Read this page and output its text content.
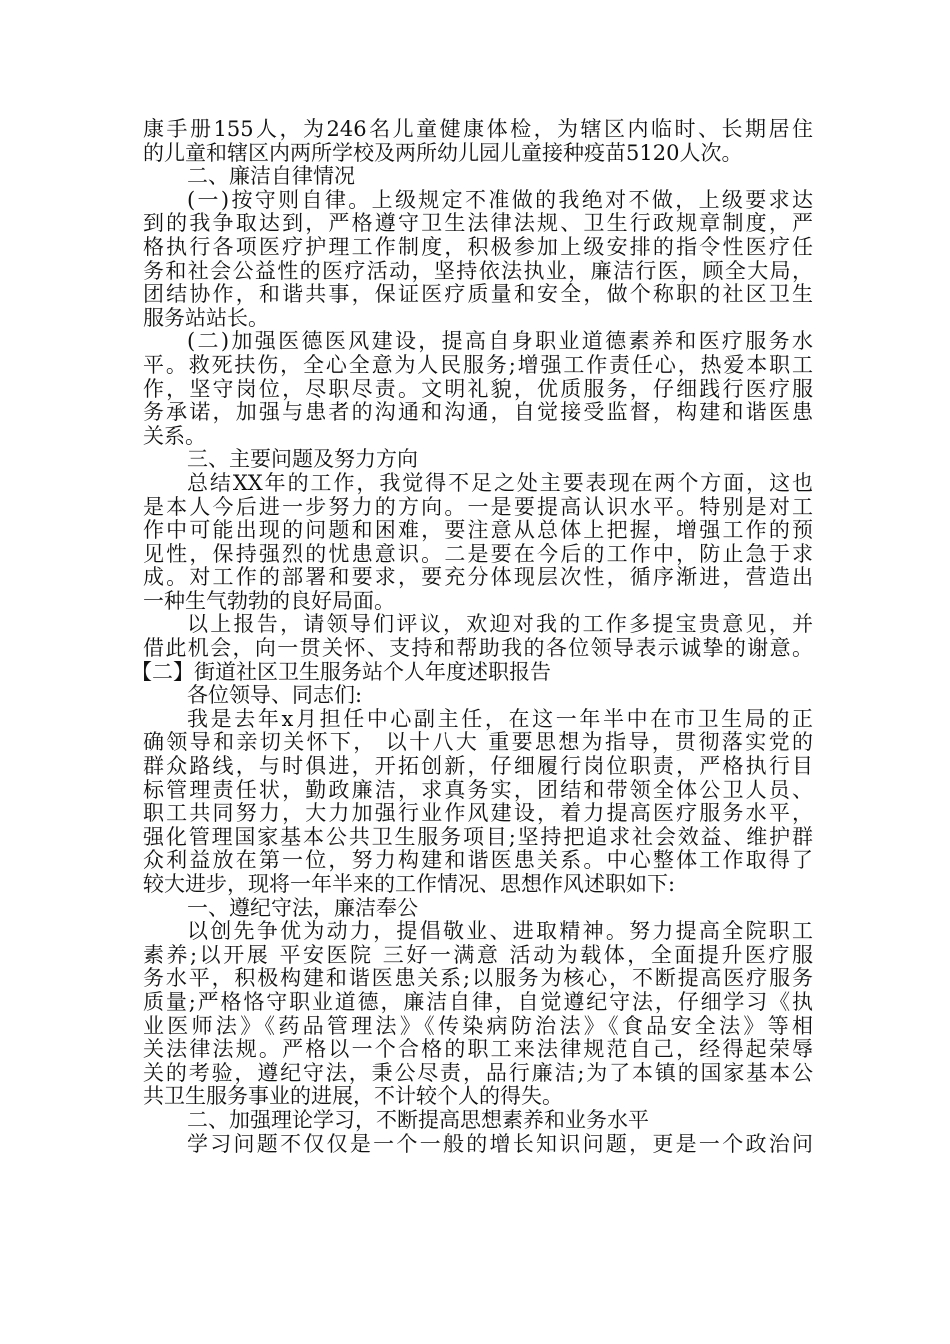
康手册155人，为246名儿童健康体检，为辖区内临时、长期居住
的儿童和辖区内两所学校及两所幼儿园儿童接种疫苗5120人次。
二、廉洁自律情况
(一)按守则自律。上级规定不准做的我绝对不做，上级要求达
到的我争取达到，严格遵守卫生法律法规、卫生行政规章制度，严
格执行各项医疗护理工作制度，积极参加上级安排的指令性医疗任
务和社会公益性的医疗活动，坚持依法执业，廉洁行医，顾全大局，
团结协作，和谐共事，保证医疗质量和安全，做个称职的社区卫生
服务站站长。
(二)加强医德医风建设，提高自身职业道德素养和医疗服务水
平。救死扶伤，全心全意为人民服务;增强工作责任心，热爱本职工
作，坚守岗位，尽职尽责。文明礼貌，优质服务，仔细践行医疗服
务承诺，加强与患者的沟通和沟通，自觉接受监督，构建和谐医患
关系。
三、主要问题及努力方向
总结XX年的工作，我觉得不足之处主要表现在两个方面，这也
是本人今后进一步努力的方向。一是要提高认识水平。特别是对工
作中可能出现的问题和困难，要注意从总体上把握，增强工作的预
见性，保持强烈的忧患意识。二是要在今后的工作中，防止急于求
成。对工作的部署和要求，要充分体现层次性，循序渐进，营造出
一种生气勃勃的良好局面。
以上报告，请领导们评议，欢迎对我的工作多提宝贵意见，并
借此机会，向一贯关怀、支持和帮助我的各位领导表示诚挚的谢意。
【二】街道社区卫生服务站个人年度述职报告
各位领导、同志们:
我是去年x月担任中心副主任，在这一年半中在市卫生局的正
确领导和亲切关怀下， 以十八大 重要思想为指导，贯彻落实党的
群众路线，与时俱进，开拓创新，仔细履行岗位职责，严格执行目
标管理责任状，勤政廉洁，求真务实，团结和带领全体公卫人员、
职工共同努力，大力加强行业作风建设，着力提高医疗服务水平，
强化管理国家基本公共卫生服务项目;坚持把追求社会效益、维护群
众利益放在第一位，努力构建和谐医患关系。中心整体工作取得了
较大进步，现将一年半来的工作情况、思想作风述职如下:
一、遵纪守法，廉洁奉公
以创先争优为动力，提倡敬业、进取精神。努力提高全院职工
素养;以开展 平安医院 三好一满意 活动为载体，全面提升医疗服
务水平，积极构建和谐医患关系;以服务为核心，不断提高医疗服务
质量;严格恪守职业道德，廉洁自律，自觉遵纪守法，仔细学习《执
业医师法》《药品管理法》《传染病防治法》《食品安全法》等相
关法律法规。严格以一个合格的职工来法律规范自己，经得起荣辱
关的考验，遵纪守法，秉公尽责，品行廉洁;为了本镇的国家基本公
共卫生服务事业的进展，不计较个人的得失。
二、加强理论学习，不断提高思想素养和业务水平
学习问题不仅仅是一个一般的增长知识问题，更是一个政治问
